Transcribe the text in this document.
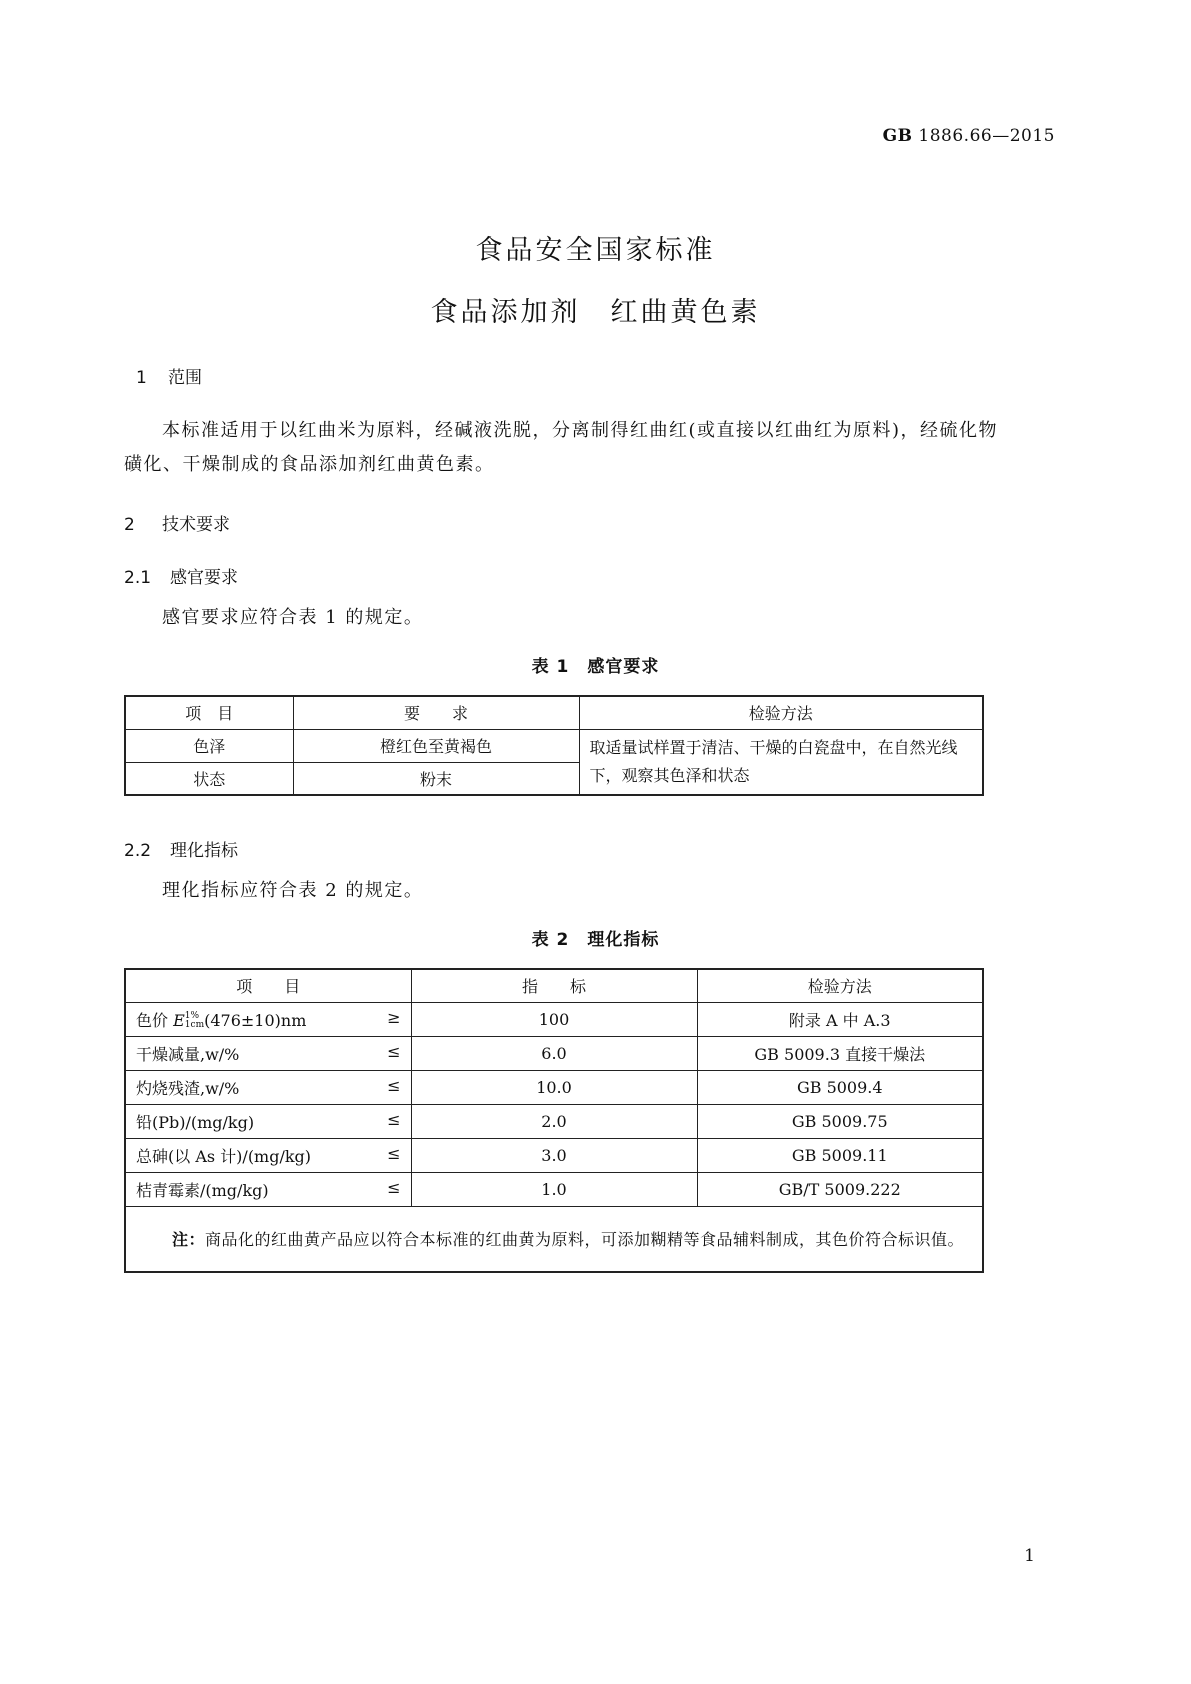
GB 1886.66—2015
食品安全国家标准
食品添加剂　红曲黄色素
1 范围
本标准适用于以红曲米为原料，经碱液洗脱，分离制得红曲红(或直接以红曲红为原料)，经硫化物
磺化、干燥制成的食品添加剂红曲黄色素。
2 技术要求
2.1 感官要求
感官要求应符合表 1 的规定。
表 1　感官要求
项　目	要　　求	检验方法
色泽	橙红色至黄褐色	取适量试样置于清洁、干燥的白瓷盘中，在自然光线
下，观察其色泽和状态
状态	粉末	
2.2 理化指标
理化指标应符合表 2 的规定。
表 2　理化指标
项　　目	指　　标	检验方法
色价 E1%
1cm(476±10)nm ≥	100	附录 A 中 A.3
干燥减量,w/% ≤	6.0	GB 5009.3 直接干燥法
灼烧残渣,w/% ≤	10.0	GB 5009.4
铅(Pb)/(mg/kg) ≤	2.0	GB 5009.75
总砷(以 As 计)/(mg/kg) ≤	3.0	GB 5009.11
桔青霉素/(mg/kg) ≤	1.0	GB/T 5009.222
注：商品化的红曲黄产品应以符合本标准的红曲黄为原料，可添加糊精等食品辅料制成，其色价符合标识值。		
1
